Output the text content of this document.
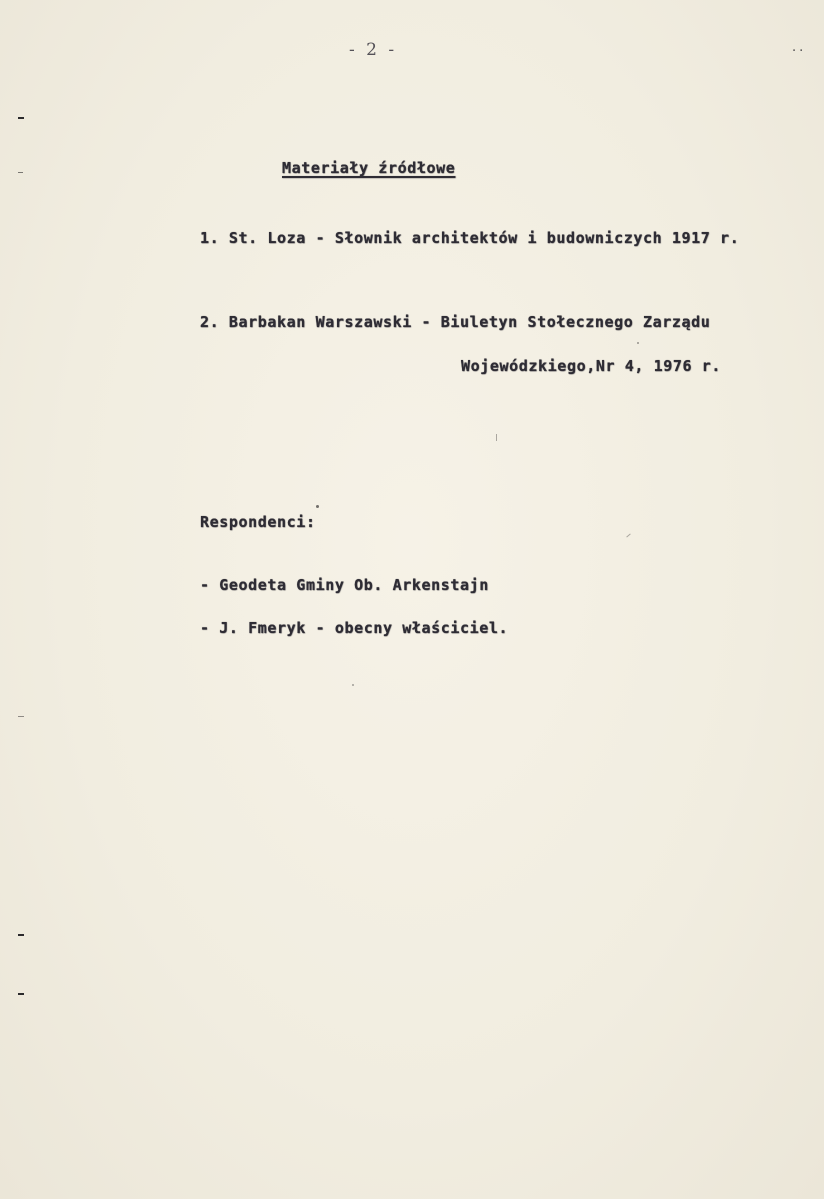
- 2 -	..
Materiały źródłowe
1. St. Loza - Słownik architektów i budowniczych 1917 r.
2. Barbakan Warszawski - Biuletyn Stołecznego Zarządu
Wojewódzkiego,Nr 4, 1976 r.
Respondenci:
- Geodeta Gminy Ob. Arkenstajn
- J. Fmeryk - obecny właściciel.
